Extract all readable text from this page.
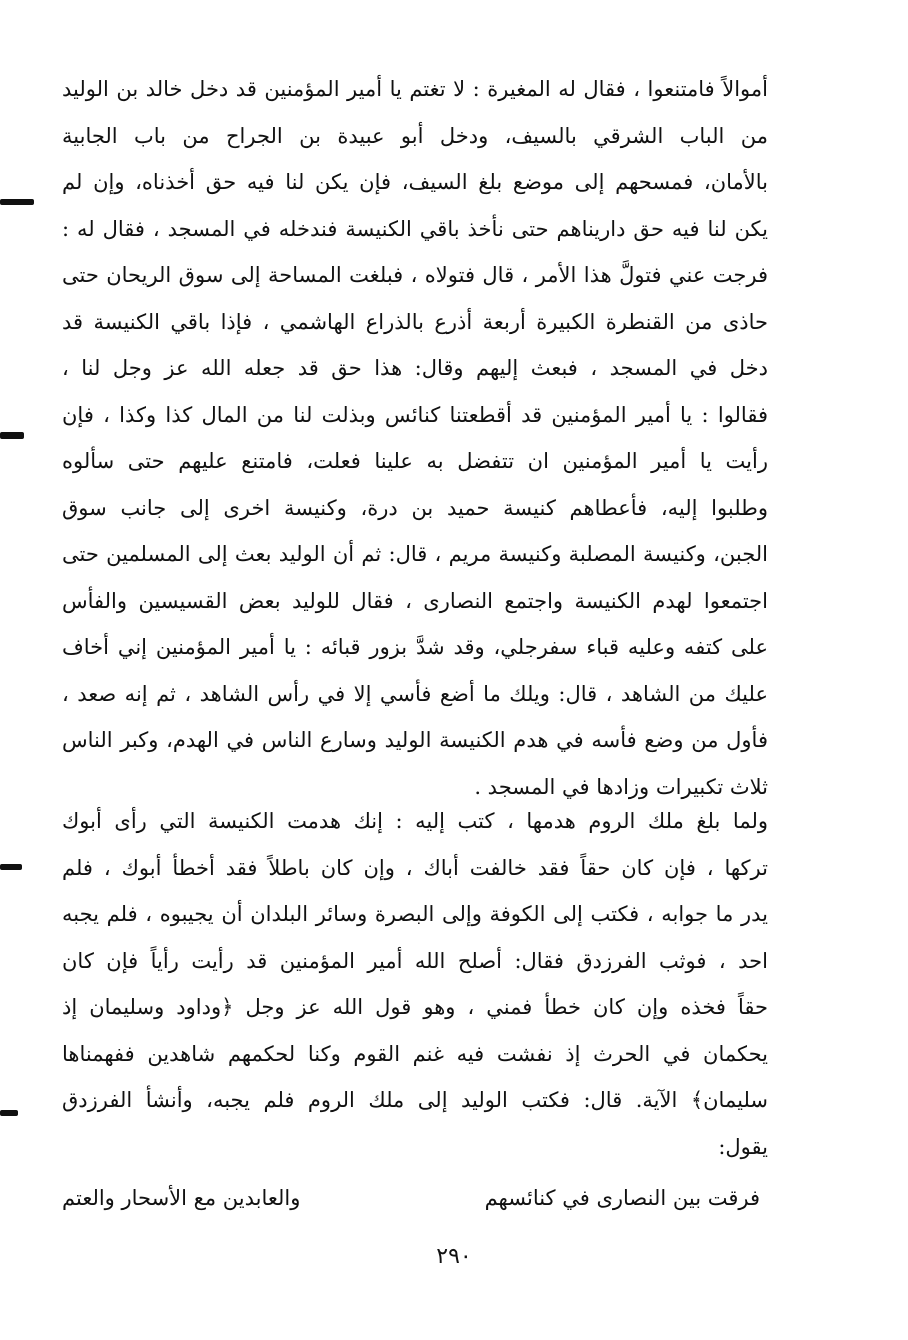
أموالاً فامتنعوا ، فقال له المغيرة : لا تغتم يا أمير المؤمنين قد دخل خالد بن الوليد
من الباب الشرقي بالسيف، ودخل أبو عبيدة بن الجراح من باب الجابية
بالأمان، فمسحهم إلى موضع بلغ السيف، فإن يكن لنا فيه حق أخذناه، وإن لم
يكن لنا فيه حق داريناهم حتى نأخذ باقي الكنيسة فندخله في المسجد ، فقال له :
فرجت عني فتولَّ هذا الأمر ، قال فتولاه ، فبلغت المساحة إلى سوق الريحان حتى
حاذى من القنطرة الكبيرة أربعة أذرع بالذراع الهاشمي ، فإذا باقي الكنيسة قد
دخل في المسجد ، فبعث إليهم وقال: هذا حق قد جعله الله عز وجل لنا ،
فقالوا : يا أمير المؤمنين قد أقطعتنا كنائس وبذلت لنا من المال كذا وكذا ، فإن
رأيت يا أمير المؤمنين ان تتفضل به علينا فعلت، فامتنع عليهم حتى سألوه
وطلبوا إليه، فأعطاهم كنيسة حميد بن درة، وكنيسة اخرى إلى جانب سوق
الجبن، وكنيسة المصلبة وكنيسة مريم ، قال: ثم أن الوليد بعث إلى المسلمين حتى
اجتمعوا لهدم الكنيسة واجتمع النصارى ، فقال للوليد بعض القسيسين والفأس
على كتفه وعليه قباء سفرجلي، وقد شدَّ بزور قبائه : يا أمير المؤمنين إني أخاف
عليك من الشاهد ، قال: ويلك ما أضع فأسي إلا في رأس الشاهد ، ثم إنه صعد ،
فأول من وضع فأسه في هدم الكنيسة الوليد وسارع الناس في الهدم، وكبر الناس
ثلاث تكبيرات وزادها في المسجد .
ولما بلغ ملك الروم هدمها ، كتب إليه : إنك هدمت الكنيسة التي رأى أبوك
تركها ، فإن كان حقاً فقد خالفت أباك ، وإن كان باطلاً فقد أخطأ أبوك ، فلم
يدر ما جوابه ، فكتب إلى الكوفة وإلى البصرة وسائر البلدان أن يجيبوه ، فلم يجبه
احد ، فوثب الفرزدق فقال: أصلح الله أمير المؤمنين قد رأيت رأياً فإن كان
حقاً فخذه وإن كان خطأ فمني ، وهو قول الله عز وجل ﴿وداود وسليمان إذ
يحكمان في الحرث إذ نفشت فيه غنم القوم وكنا لحكمهم شاهدين ففهمناها
سليمان﴾ الآية. قال: فكتب الوليد إلى ملك الروم فلم يجبه، وأنشأ الفرزدق
يقول:
فرقت بين النصارى في كنائسهم
والعابدين مع الأسحار والعتم
٢٩٠
